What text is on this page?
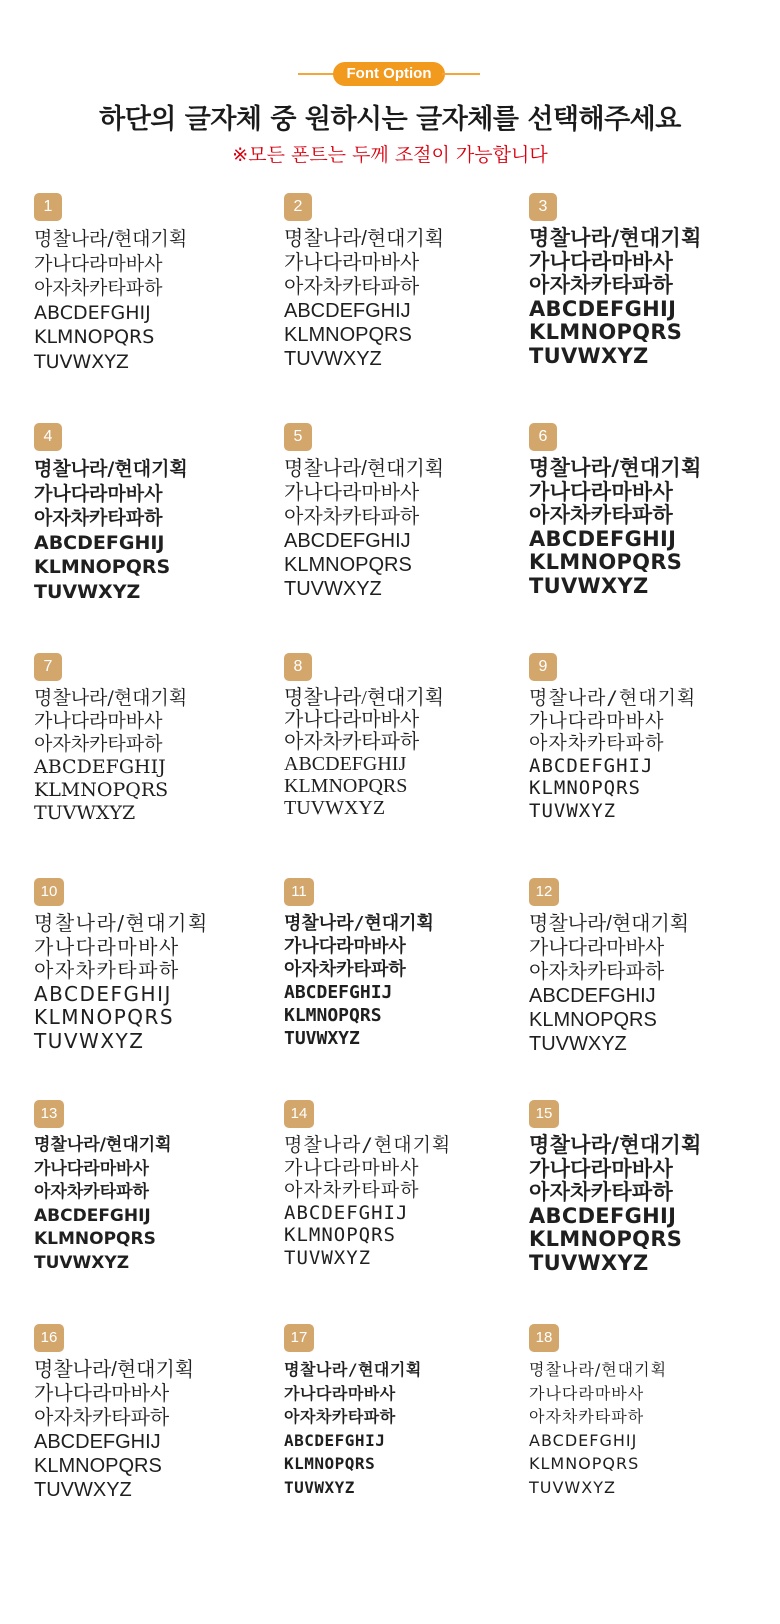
Font Option
하단의 글자체 중 원하시는 글자체를 선택해주세요
※모든 폰트는 두께 조절이 가능합니다
1
명찰나라/현대기획
가나다라마바사
아자차카타파하
ABCDEFGHIJ
KLMNOPQRS
TUVWXYZ
2
명찰나라/현대기획
가나다라마바사
아자차카타파하
ABCDEFGHIJ
KLMNOPQRS
TUVWXYZ
3
명찰나라/현대기획
가나다라마바사
아자차카타파하
ABCDEFGHIJ
KLMNOPQRS
TUVWXYZ
4
명찰나라/현대기획
가나다라마바사
아자차카타파하
ABCDEFGHIJ
KLMNOPQRS
TUVWXYZ
5
명찰나라/현대기획
가나다라마바사
아자차카타파하
ABCDEFGHIJ
KLMNOPQRS
TUVWXYZ
6
명찰나라/현대기획
가나다라마바사
아자차카타파하
ABCDEFGHIJ
KLMNOPQRS
TUVWXYZ
7
명찰나라/현대기획
가나다라마바사
아자차카타파하
ABCDEFGHIJ
KLMNOPQRS
TUVWXYZ
8
명찰나라/현대기획
가나다라마바사
아자차카타파하
ABCDEFGHIJ
KLMNOPQRS
TUVWXYZ
9
명찰나라/현대기획
가나다라마바사
아자차카타파하
ABCDEFGHIJ
KLMNOPQRS
TUVWXYZ
10
명찰나라/현대기획
가나다라마바사
아자차카타파하
ABCDEFGHIJ
KLMNOPQRS
TUVWXYZ
11
명찰나라/현대기획
가나다라마바사
아자차카타파하
ABCDEFGHIJ
KLMNOPQRS
TUVWXYZ
12
명찰나라/현대기획
가나다라마바사
아자차카타파하
ABCDEFGHIJ
KLMNOPQRS
TUVWXYZ
13
명찰나라/현대기획
가나다라마바사
아자차카타파하
ABCDEFGHIJ
KLMNOPQRS
TUVWXYZ
14
명찰나라/현대기획
가나다라마바사
아자차카타파하
ABCDEFGHIJ
KLMNOPQRS
TUVWXYZ
15
명찰나라/현대기획
가나다라마바사
아자차카타파하
ABCDEFGHIJ
KLMNOPQRS
TUVWXYZ
16
명찰나라/현대기획
가나다라마바사
아자차카타파하
ABCDEFGHIJ
KLMNOPQRS
TUVWXYZ
17
명찰나라/현대기획
가나다라마바사
아자차카타파하
ABCDEFGHIJ
KLMNOPQRS
TUVWXYZ
18
명찰나라/현대기획
가나다라마바사
아자차카타파하
ABCDEFGHIJ
KLMNOPQRS
TUVWXYZ
